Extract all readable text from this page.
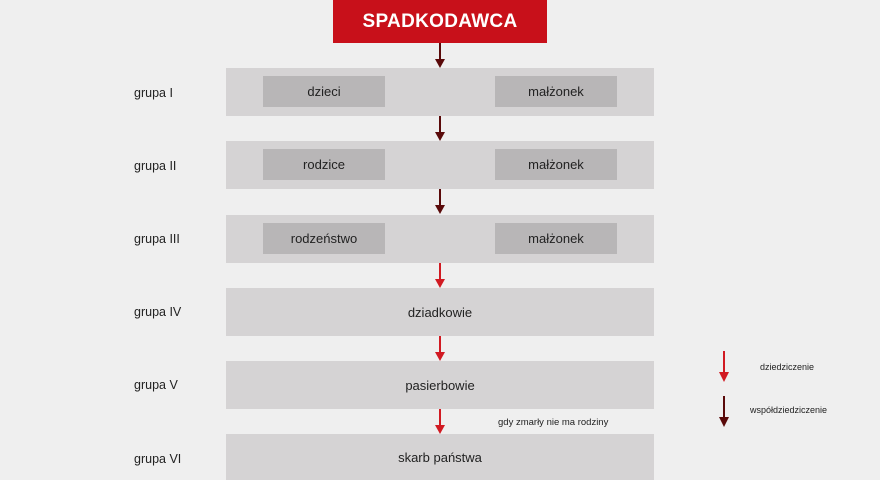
SPADKODAWCA
grupa I	dzieci	małżonek
grupa II	rodzice	małżonek
grupa III	rodzeństwo	małżonek
grupa IV	dziadkowie
grupa V	pasierbowie
gdy zmarły nie ma rodziny
grupa VI	skarb państwa
dziedziczenie
współdziedziczenie
